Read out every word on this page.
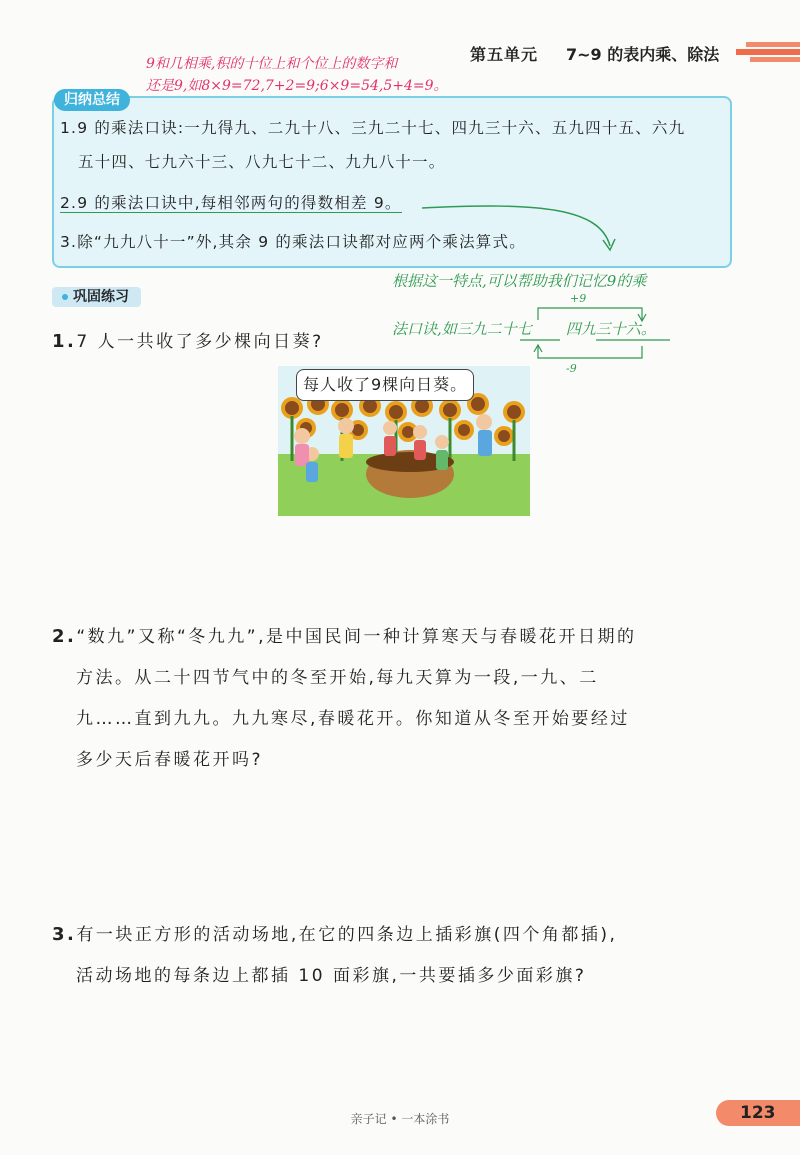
第五单元 7~9 的表内乘、除法
9和几相乘,积的十位上和个位上的数字和
还是9,如8×9=72,7+2=9;6×9=54,5+4=9。
归纳总结
1.9 的乘法口诀:一九得九、二九十八、三九二十七、四九三十六、五九四十五、六九
五十四、七九六十三、八九七十二、九九八十一。
2.9 的乘法口诀中,每相邻两句的得数相差 9。
3.除“九九八十一”外,其余 9 的乘法口诀都对应两个乘法算式。
根据这一特点,可以帮助我们记忆9的乘
法口诀,如三九二十七 四九三十六。
+9
-9
巩固练习
1.7 人一共收了多少棵向日葵?
每人收了9棵向日葵。
2.“数九”又称“冬九九”,是中国民间一种计算寒天与春暖花开日期的
方法。从二十四节气中的冬至开始,每九天算为一段,一九、二
九……直到九九。九九寒尽,春暖花开。你知道从冬至开始要经过
多少天后春暖花开吗?
3.有一块正方形的活动场地,在它的四条边上插彩旗(四个角都插),
活动场地的每条边上都插 10 面彩旗,一共要插多少面彩旗?
亲子记 • 一本涂书	123
